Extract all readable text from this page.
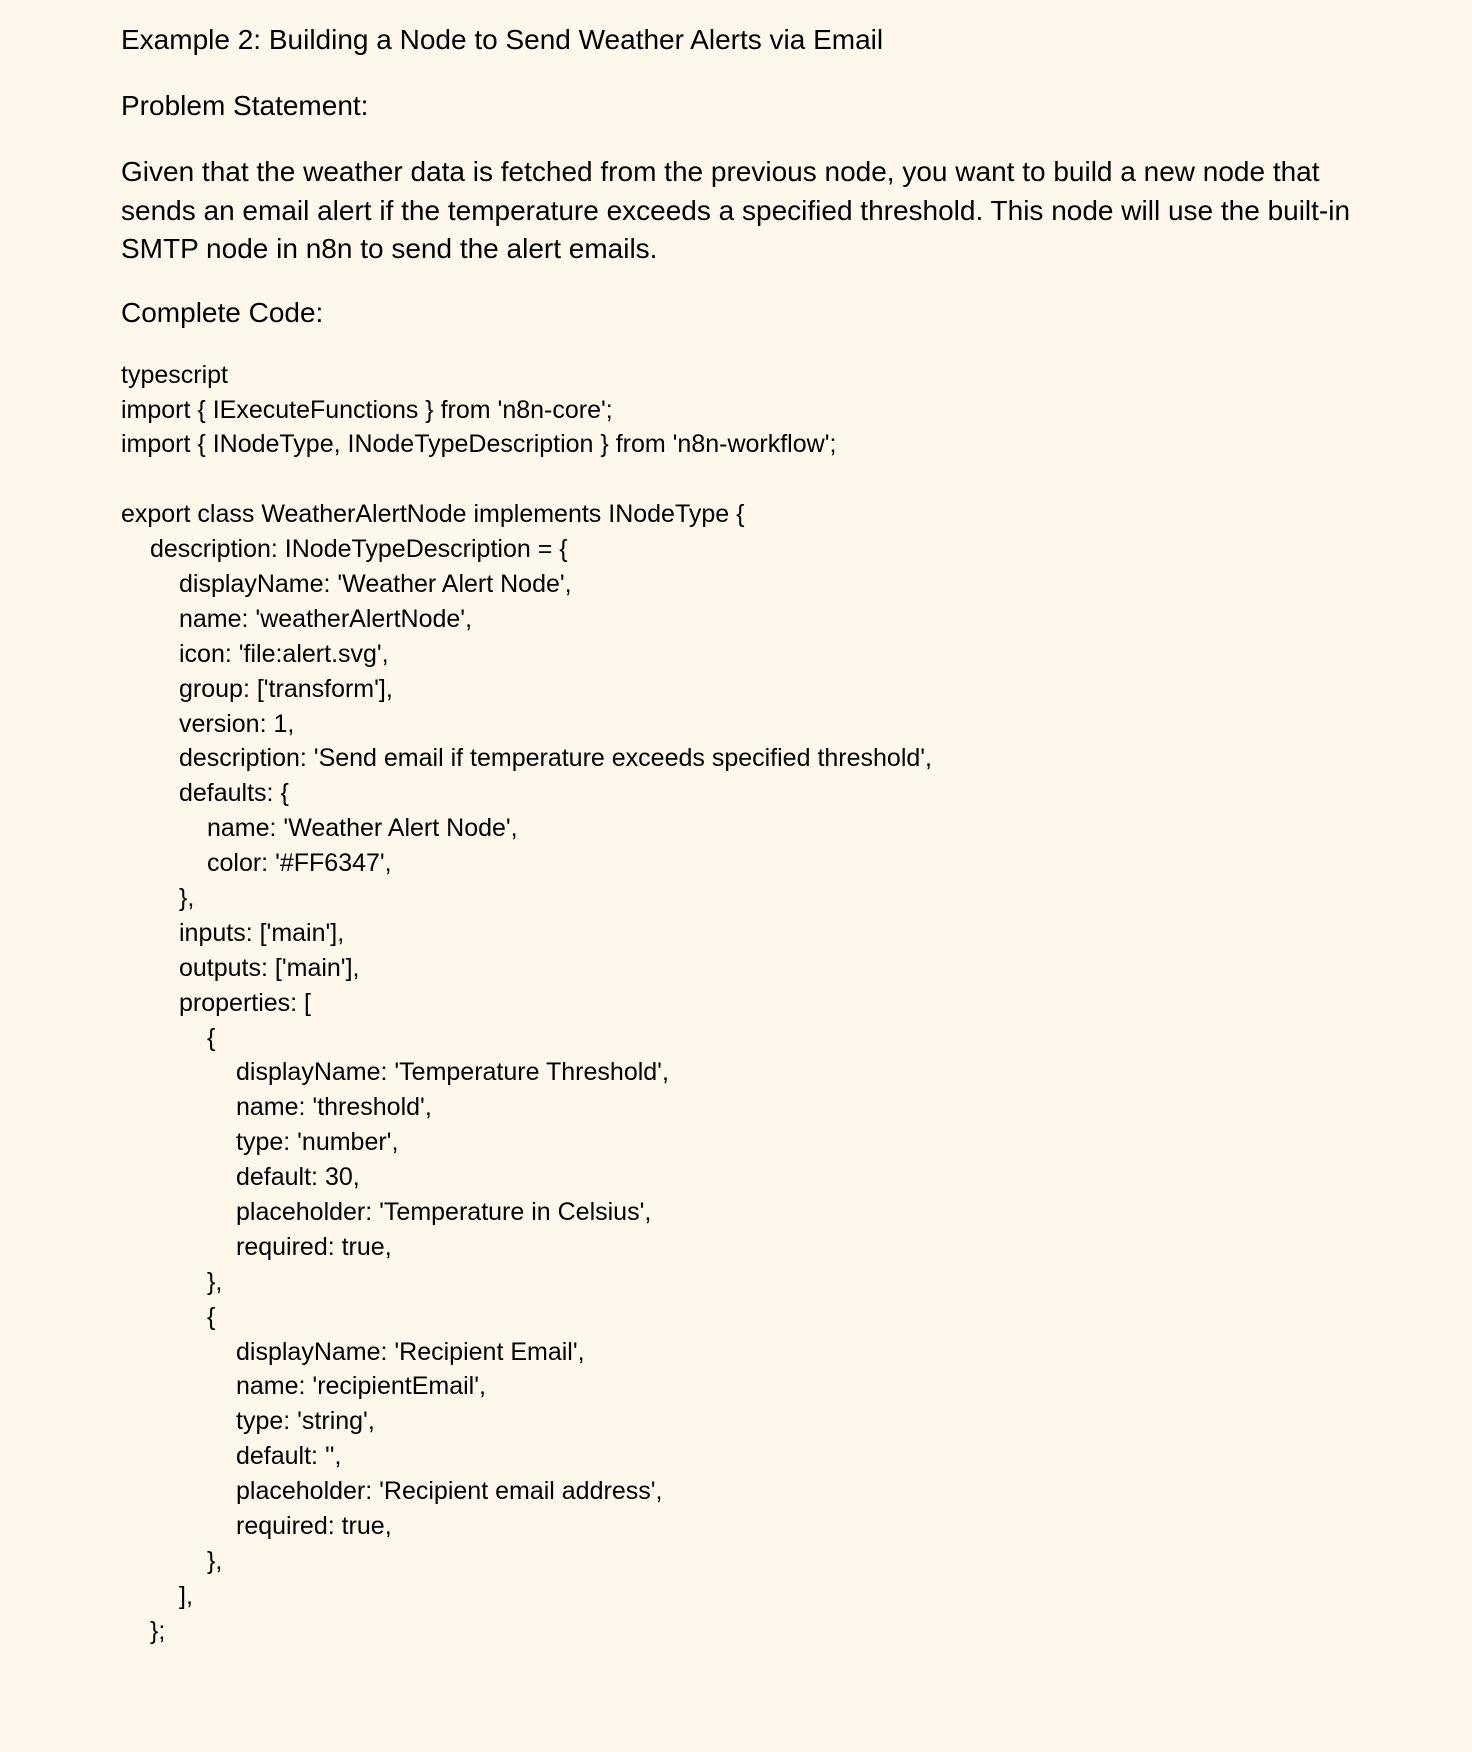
Example 2: Building a Node to Send Weather Alerts via Email
Problem Statement:

Given that the weather data is fetched from the previous node, you want to build a new node that sends an email alert if the temperature exceeds a specified threshold. This node will use the built-in SMTP node in n8n to send the alert emails.

Complete Code:
typescript
import { IExecuteFunctions } from 'n8n-core';
import { INodeType, INodeTypeDescription } from 'n8n-workflow';
export class WeatherAlertNode implements INodeType {
description: INodeTypeDescription = {
displayName: 'Weather Alert Node',
name: 'weatherAlertNode',
icon: 'file:alert.svg',
group: ['transform'],
version: 1,
description: 'Send email if temperature exceeds specified threshold',
defaults: {
name: 'Weather Alert Node',
color: '#FF6347',
},
inputs: ['main'],
outputs: ['main'],
properties: [
{
displayName: 'Temperature Threshold',
name: 'threshold',
type: 'number',
default: 30,
placeholder: 'Temperature in Celsius',
required: true,
},
{
displayName: 'Recipient Email',
name: 'recipientEmail',
type: 'string',
default: '',
placeholder: 'Recipient email address',
required: true,
},
],
};
